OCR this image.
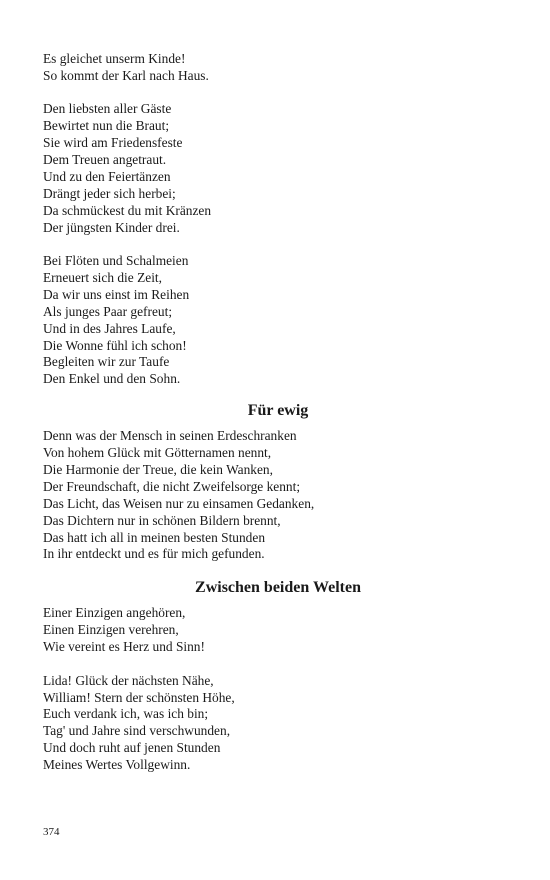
Es gleichet unserm Kinde!
So kommt der Karl nach Haus.
Den liebsten aller Gäste
Bewirtet nun die Braut;
Sie wird am Friedensfeste
Dem Treuen angetraut.
Und zu den Feiertänzen
Drängt jeder sich herbei;
Da schmückest du mit Kränzen
Der jüngsten Kinder drei.
Bei Flöten und Schalmeien
Erneuert sich die Zeit,
Da wir uns einst im Reihen
Als junges Paar gefreut;
Und in des Jahres Laufe,
Die Wonne fühl ich schon!
Begleiten wir zur Taufe
Den Enkel und den Sohn.
Für ewig
Denn was der Mensch in seinen Erdeschranken
Von hohem Glück mit Götternamen nennt,
Die Harmonie der Treue, die kein Wanken,
Der Freundschaft, die nicht Zweifelsorge kennt;
Das Licht, das Weisen nur zu einsamen Gedanken,
Das Dichtern nur in schönen Bildern brennt,
Das hatt ich all in meinen besten Stunden
In ihr entdeckt und es für mich gefunden.
Zwischen beiden Welten
Einer Einzigen angehören,
Einen Einzigen verehren,
Wie vereint es Herz und Sinn!
Lida! Glück der nächsten Nähe,
William! Stern der schönsten Höhe,
Euch verdank ich, was ich bin;
Tag' und Jahre sind verschwunden,
Und doch ruht auf jenen Stunden
Meines Wertes Vollgewinn.
374
